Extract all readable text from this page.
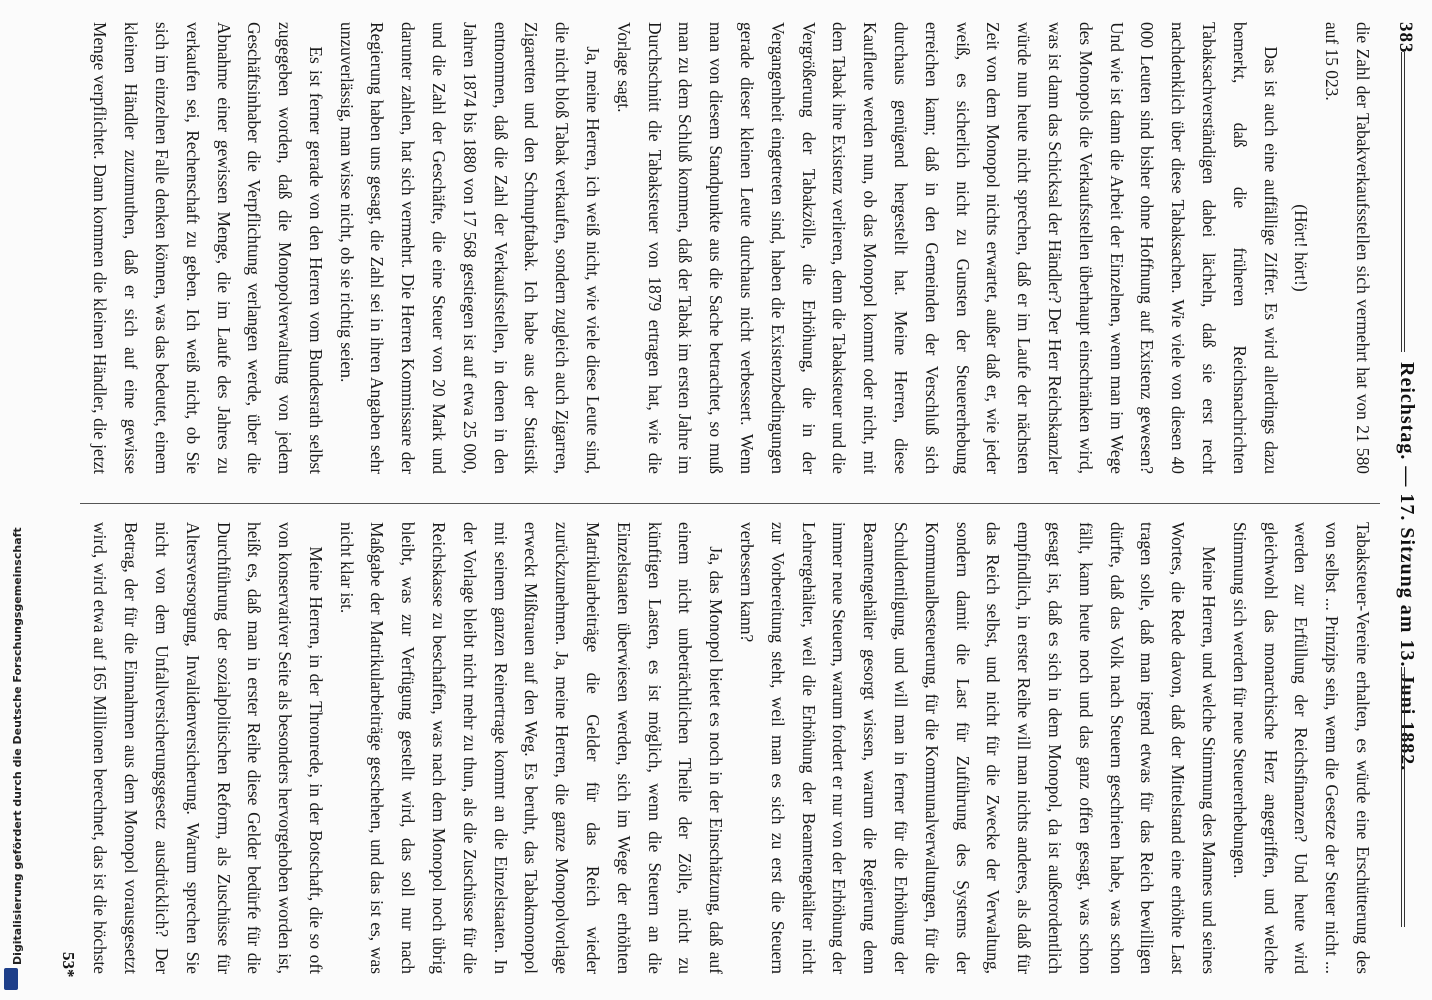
Digitalisierung gefördert durch die Deutsche Forschungsgemeinschaft
383
Reichstag. — 17. Sitzung am 13. Juni 1882.

die Zahl der Tabakverkaufsstellen sich vermehrt hat von 21 580 auf 15 023.

(Hört! hört!)

Das ist auch eine auffällige Ziffer. Es wird allerdings dazu bemerkt, daß die früheren Reichsnachrichten Tabaksachverständigen dabei lächeln, daß sie erst recht nachdenklich über diese Tabaksachen. Wie viele von diesen 40 000 Leuten sind bisher ohne Hoffnung auf Existenz gewesen? Und wie ist dann die Arbeit der Einzelnen, wenn man im Wege des Monopols die Verkaufsstellen überhaupt einschränken wird, was ist dann das Schicksal der Händler? Der Herr Reichskanzler würde nun heute nicht sprechen, daß er im Laufe der nächsten Zeit von dem Monopol nichts erwartet, außer daß er, wie jeder weiß, es sicherlich nicht zu Gunsten der Steuererhebung erreichen kann; daß in den Gemeinden der Verschluß sich durchaus genügend hergestellt hat. Meine Herren, diese Kaufleute werden nun, ob das Monopol kommt oder nicht, mit dem Tabak ihre Existenz verlieren, denn die Tabaksteuer und die Vergrößerung der Tabakzölle, die Erhöhung, die in der Vergangenheit eingetreten sind, haben die Existenzbedingungen gerade dieser kleinen Leute durchaus nicht verbessert. Wenn man von diesem Standpunkte aus die Sache betrachtet, so muß man zu dem Schluß kommen, daß der Tabak im ersten Jahre im Durchschnitt die Tabaksteuer von 1879 ertragen hat, wie die Vorlage sagt.

Ja, meine Herren, ich weiß nicht, wie viele diese Leute sind, die nicht bloß Tabak verkaufen, sondern zugleich auch Zigarren, Zigaretten und den Schnupftabak. Ich habe aus der Statistik entnommen, daß die Zahl der Verkaufsstellen, in denen in den Jahren 1874 bis 1880 von 17 568 gestiegen ist auf etwa 25 000, und die Zahl der Geschäfte, die eine Steuer von 20 Mark und darunter zahlen, hat sich vermehrt. Die Herren Kommissare der Regierung haben uns gesagt, die Zahl sei in ihren Angaben sehr unzuverlässig, man wisse nicht, ob sie richtig seien.

Es ist ferner gerade von den Herren vom Bundesrath selbst zugegeben worden, daß die Monopolverwaltung von jedem Geschäftsinhaber die Verpflichtung verlangen werde, über die Abnahme einer gewissen Menge, die im Laufe des Jahres zu verkaufen sei, Rechenschaft zu geben. Ich weiß nicht, ob Sie sich im einzelnen Falle denken können, was das bedeutet, einem kleinen Händler zuzumuthen, daß er sich auf eine gewisse Menge verpflichtet. Dann kommen die kleinen Händler, die jetzt

Tabaksteuer-Vereine erhalten, es würde eine Erschütterung des von selbst ... Prinzips sein, wenn die Gesetze der Steuer nicht ... werden zur Erfüllung der Reichsfinanzen? Und heute wird gleichwohl das monarchische Herz angegriffen, und welche Stimmung sich werden für neue Steuererhebungen.

Meine Herren, und welche Stimmung des Mannes und seines Wortes, die Rede davon, daß der Mittelstand eine erhöhte Last tragen solle, daß man irgend etwas für das Reich bewilligen dürfte, daß das Volk nach Steuern geschrieen habe, was schon fällt, kann heute noch und das ganz offen gesagt, was schon gesagt ist, daß es sich in dem Monopol, da ist außerordentlich empfindlich, in erster Reihe will man nichts anderes, als daß für das Reich selbst, und nicht für die Zwecke der Verwaltung, sondern damit die Last für Zuführung des Systems der Kommunalbesteuerung, für die Kommunalverwaltungen, für die Schuldentilgung, und will man in ferner für die Erhöhung der Beamtengehälter gesorgt wissen, warum die Regierung denn immer neue Steuern, warum fordert er nur von der Erhöhung der Lehrergehälter, weil die Erhöhung der Beamtengehälter nicht zur Vorbereitung steht, weil man es sich zu erst die Steuern verbessern kann?

Ja, das Monopol bietet es noch in der Einschätzung, daß auf einem nicht unbeträchtlichen Theile der Zölle, nicht zu künftigen Lasten, es ist möglich, wenn die Steuern an die Einzelstaaten überwiesen werden, sich im Wege der erhöhten Matrikularbeiträge die Gelder für das Reich wieder zurückzunehmen. Ja, meine Herren, die ganze Monopolvorlage erweckt Mißtrauen auf den Weg. Es beruht, das Tabakmonopol mit seinem ganzen Reinertrage kommt an die Einzelstaaten. In der Vorlage bleibt nicht mehr zu thun, als die Zuschüsse für die Reichskasse zu beschaffen, was nach dem Monopol noch übrig bleibt, was zur Verfügung gestellt wird, das soll nur nach Maßgabe der Matrikularbeiträge geschehen, und das ist es, was nicht klar ist.

Meine Herren, in der Thronrede, in der Botschaft, die so oft von konservativer Seite als besonders hervorgehoben worden ist, heißt es, daß man in erster Reihe diese Gelder bedürfe für die Durchführung der sozialpolitischen Reform, als Zuschüsse für Altersversorgung, Invalidenversicherung. Warum sprechen Sie nicht von dem Unfallversicherungsgesetz ausdrücklich? Der Betrag, der für die Einnahmen aus dem Monopol vorausgesetzt wird, wird etwa auf 165 Millionen berechnet, das ist die höchste

53*
